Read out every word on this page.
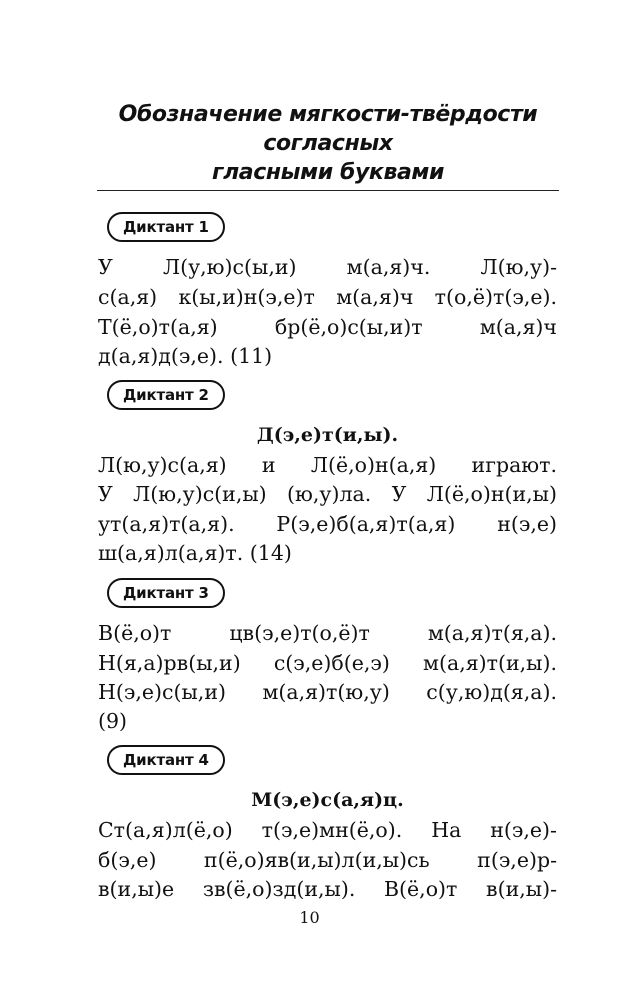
Обозначение мягкости-твёрдости
согласных
гласными буквами
Диктант 1
У Л(у,ю)с(ы,и) м(а,я)ч. Л(ю,у)-
с(а,я) к(ы,и)н(э,е)т м(а,я)ч т(о,ё)т(э,е).
Т(ё,о)т(а,я) бр(ё,о)с(ы,и)т м(а,я)ч
д(а,я)д(э,е). (11)
Диктант 2
Д(э,е)т(и,ы).
Л(ю,у)с(а,я) и Л(ё,о)н(а,я) играют.
У Л(ю,у)с(и,ы) (ю,у)ла. У Л(ё,о)н(и,ы)
ут(а,я)т(а,я). Р(э,е)б(а,я)т(а,я) н(э,е)
ш(а,я)л(а,я)т. (14)
Диктант 3
В(ё,о)т цв(э,е)т(о,ё)т м(а,я)т(я,а).
Н(я,а)рв(ы,и) с(э,е)б(е,э) м(а,я)т(и,ы).
Н(э,е)с(ы,и) м(а,я)т(ю,у) с(у,ю)д(я,а).
(9)
Диктант 4
М(э,е)с(а,я)ц.
Ст(а,я)л(ё,о) т(э,е)мн(ё,о). На н(э,е)-
б(э,е) п(ё,о)яв(и,ы)л(и,ы)сь п(э,е)р-
в(и,ы)е зв(ё,о)зд(и,ы). В(ё,о)т в(и,ы)-
10
